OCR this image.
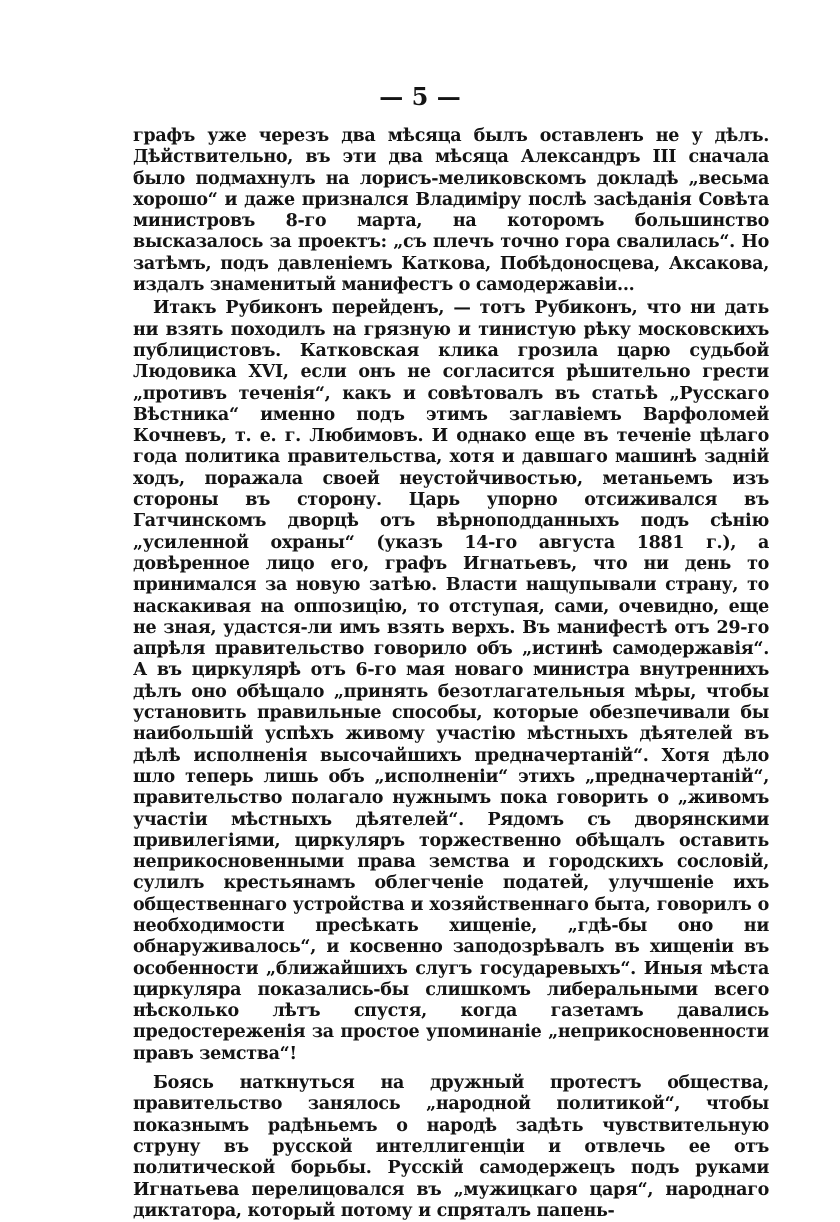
— 5 —

графъ уже черезъ два мѣсяца былъ оставленъ не у дѣлъ. Дѣйствительно, въ эти два мѣсяца Александръ III сначала было подмахнулъ на лорисъ-меликовскомъ докладѣ „весьма хорошо“ и даже признался Владиміру послѣ засѣданія Совѣта министровъ 8-го марта, на которомъ большинство высказалось за проектъ: „съ плечъ точно гора свалилась“. Но затѣмъ, подъ давленіемъ Каткова, Побѣдоносцева, Аксакова, издалъ знаменитый манифестъ о самодержавіи...

Итакъ Рубиконъ перейденъ, — тотъ Рубиконъ, что ни дать ни взять походилъ на грязную и тинистую рѣку московскихъ публицистовъ. Катковская клика грозила царю судьбой Людовика XVI, если онъ не согласится рѣшительно грести „противъ теченія“, какъ и совѣтовалъ въ статьѣ „Русскаго Вѣстника“ именно подъ этимъ заглавіемъ Варфоломей Кочневъ, т. е. г. Любимовъ. И однако еще въ теченіе цѣлаго года политика правительства, хотя и давшаго машинѣ задній ходъ, поражала своей неустойчивостью, метаньемъ изъ стороны въ сторону. Царь упорно отсиживался въ Гатчинскомъ дворцѣ отъ вѣрноподданныхъ подъ сѣнію „усиленной охраны“ (указъ 14-го августа 1881 г.), а довѣренное лицо его, графъ Игнатьевъ, что ни день то принимался за новую затѣю. Власти нащупывали страну, то наскакивая на оппозицію, то отступая, сами, очевидно, еще не зная, удастся-ли имъ взять верхъ. Въ манифестѣ отъ 29-го апрѣля правительство говорило объ „истинѣ самодержавія“. А въ циркулярѣ отъ 6-го мая новаго министра внутреннихъ дѣлъ оно обѣщало „принять безотлагательныя мѣры, чтобы установить правильные способы, которые обезпечивали бы наибольшій успѣхъ живому участію мѣстныхъ дѣятелей въ дѣлѣ исполненія высочайшихъ предначертаній“. Хотя дѣло шло теперь лишь объ „исполненіи“ этихъ „предначертаній“, правительство полагало нужнымъ пока говорить о „живомъ участіи мѣстныхъ дѣятелей“. Рядомъ съ дворянскими привилегіями, циркуляръ торжественно обѣщалъ оставить неприкосновенными права земства и городскихъ сословій, сулилъ крестьянамъ облегченіе податей, улучшеніе ихъ общественнаго устройства и хозяйственнаго быта, говорилъ о необходимости пресѣкать хищеніе, „гдѣ-бы оно ни обнаруживалось“, и косвенно заподозрѣвалъ въ хищеніи въ особенности „ближайшихъ слугъ государевыхъ“. Иныя мѣста циркуляра показались-бы слишкомъ либеральными всего нѣсколько лѣтъ спустя, когда газетамъ давались предостереженія за простое упоминаніе „неприкосновенности правъ земства“!

Боясь наткнуться на дружный протестъ общества, правительство занялось „народной политикой“, чтобы показнымъ радѣньемъ о народѣ задѣть чувствительную струну въ русской интеллигенціи и отвлечь ее отъ политической борьбы. Русскій самодержецъ подъ руками Игнатьева перелицовался въ „мужицкаго царя“, народнаго диктатора, который потому и спряталъ папень-
